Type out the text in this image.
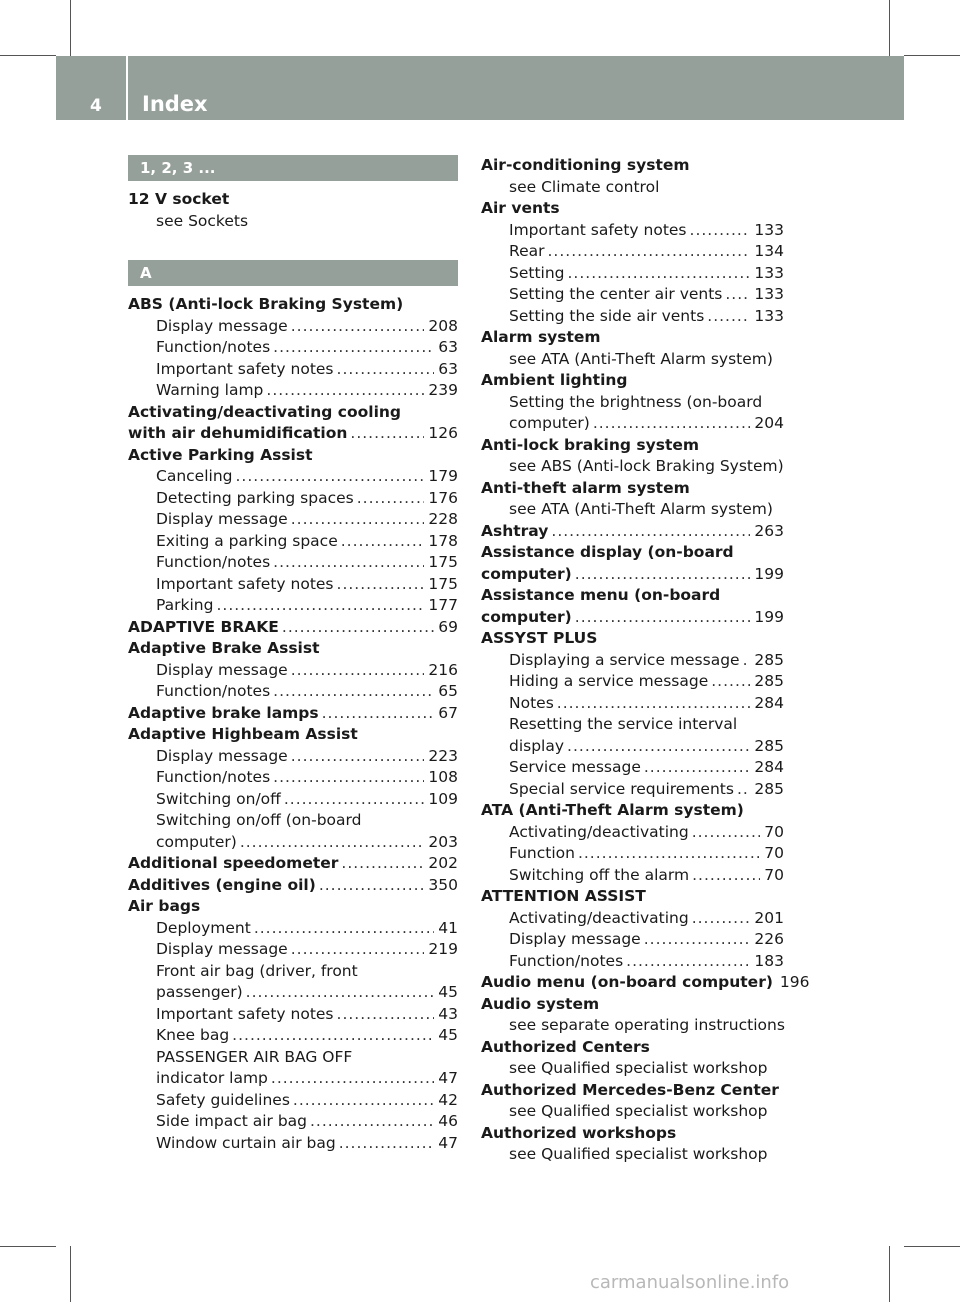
4 Index
1, 2, 3 ...
12 V socket
see Sockets
A
ABS (Anti-lock Braking System)
Display message .....	208
Function/notes .....	63
Important safety notes .....	63
Warning lamp .....	239
Activating/deactivating cooling
with air dehumidification .....	126
Active Parking Assist
Canceling .....	179
Detecting parking spaces .....	176
Display message .....	228
Exiting a parking space .....	178
Function/notes .....	175
Important safety notes .....	175
Parking .....	177
ADAPTIVE BRAKE .....	69
Adaptive Brake Assist
Display message .....	216
Function/notes .....	65
Adaptive brake lamps .....	67
Adaptive Highbeam Assist
Display message .....	223
Function/notes .....	108
Switching on/off .....	109
Switching on/off (on-board
computer) .....	203
Additional speedometer .....	202
Additives (engine oil) .....	350
Air bags
Deployment .....	41
Display message .....	219
Front air bag (driver, front
passenger) .....	45
Important safety notes .....	43
Knee bag .....	45
PASSENGER AIR BAG OFF
indicator lamp .....	47
Safety guidelines .....	42
Side impact air bag .....	46
Window curtain air bag .....	47
Air-conditioning system
see Climate control
Air vents
Important safety notes .....	133
Rear .....	134
Setting .....	133
Setting the center air vents ..... 133
Setting the side air vents .....	133
Alarm system
see ATA (Anti-Theft Alarm system)
Ambient lighting
Setting the brightness (on-board
computer) .....	204
Anti-lock braking system
see ABS (Anti-lock Braking System)
Anti-theft alarm system
see ATA (Anti-Theft Alarm system)
Ashtray .....	263
Assistance display (on-board
computer) .....	199
Assistance menu (on-board
computer) .....	199
ASSYST PLUS
Displaying a service message ..... 285
Hiding a service message .....	285
Notes .....	284
Resetting the service interval
display .....	285
Service message .....	284
Special service requirements ..... 285
ATA (Anti-Theft Alarm system)
Activating/deactivating .....	70
Function .....	70
Switching off the alarm .....	70
ATTENTION ASSIST
Activating/deactivating .....	201
Display message .....	226
Function/notes .....	183
Audio menu (on-board computer) 196
Audio system
see separate operating instructions
Authorized Centers
see Qualified specialist workshop
Authorized Mercedes-Benz Center
see Qualified specialist workshop
Authorized workshops
see Qualified specialist workshop
carmanualsonline.info
